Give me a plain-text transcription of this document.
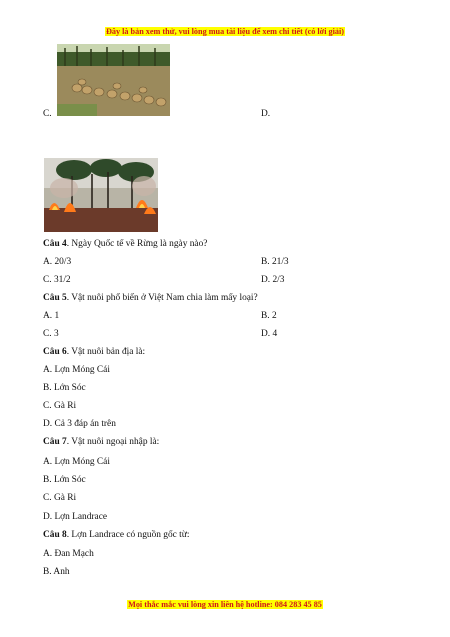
Đây là bản xem thử, vui lòng mua tài liệu để xem chi tiết (có lời giải)
C.	D.
Câu 4. Ngày Quốc tế về Rừng là ngày nào?
A. 20/3	B. 21/3
C. 31/2	D. 2/3
Câu 5. Vật nuôi phổ biến ở Việt Nam chia làm mấy loại?
A. 1	B. 2
C. 3	D. 4
Câu 6. Vật nuôi bản địa là:
A. Lợn Móng Cái
B. Lớn Sóc
C. Gà Ri
D. Cả 3 đáp án trên
Câu 7. Vật nuôi ngoại nhập là:
A. Lợn Móng Cái
B. Lớn Sóc
C. Gà Ri
D. Lợn Landrace
Câu 8. Lợn Landrace có nguồn gốc từ:
A. Đan Mạch
B. Anh
Mọi thắc mắc vui lòng xin liên hệ hotline: 084 283 45 85
